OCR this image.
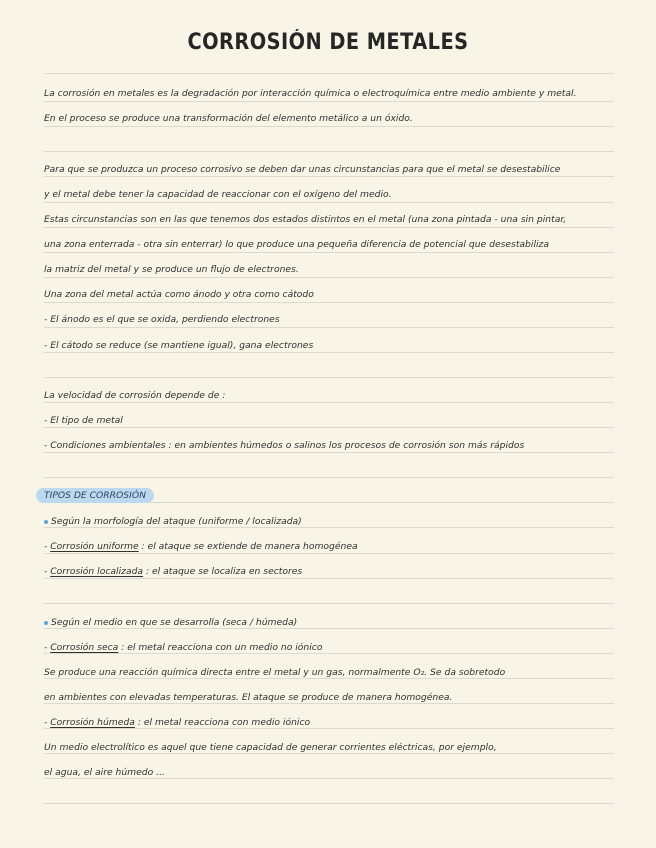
CORROSIÓN DE METALES
La corrosión en metales es la degradación por interacción química o electroquímica entre medio ambiente y metal.
En el proceso se produce una transformación del elemento metálico a un óxido.
Para que se produzca un proceso corrosivo se deben dar unas circunstancias para que el metal se desestabilice
y el metal debe tener la capacidad de reaccionar con el oxígeno del medio.
Estas circunstancias son en las que tenemos dos estados distintos en el metal (una zona pintada - una sin pintar,
una zona enterrada - otra sin enterrar) lo que produce una pequeña diferencia de potencial que desestabiliza
la matriz del metal y se produce un flujo de electrones.
Una zona del metal actúa como ánodo y otra como cátodo
- El ánodo es el que se oxida, perdiendo electrones
- El cátodo se reduce (se mantiene igual), gana electrones
La velocidad de corrosión depende de :
- El tipo de metal
- Condiciones ambientales : en ambientes húmedos o salinos los procesos de corrosión son más rápidos
TIPOS DE CORROSIÓN
Según la morfología del ataque (uniforme / localizada)
- Corrosión uniforme : el ataque se extiende de manera homogénea
- Corrosión localizada : el ataque se localiza en sectores
Según el medio en que se desarrolla (seca / húmeda)
- Corrosión seca : el metal reacciona con un medio no iónico
Se produce una reacción química directa entre el metal y un gas, normalmente O₂. Se da sobretodo
en ambientes con elevadas temperaturas. El ataque se produce de manera homogénea.
- Corrosión húmeda : el metal reacciona con medio iónico
Un medio electrolítico es aquel que tiene capacidad de generar corrientes eléctricas, por ejemplo,
el agua, el aire húmedo ...
